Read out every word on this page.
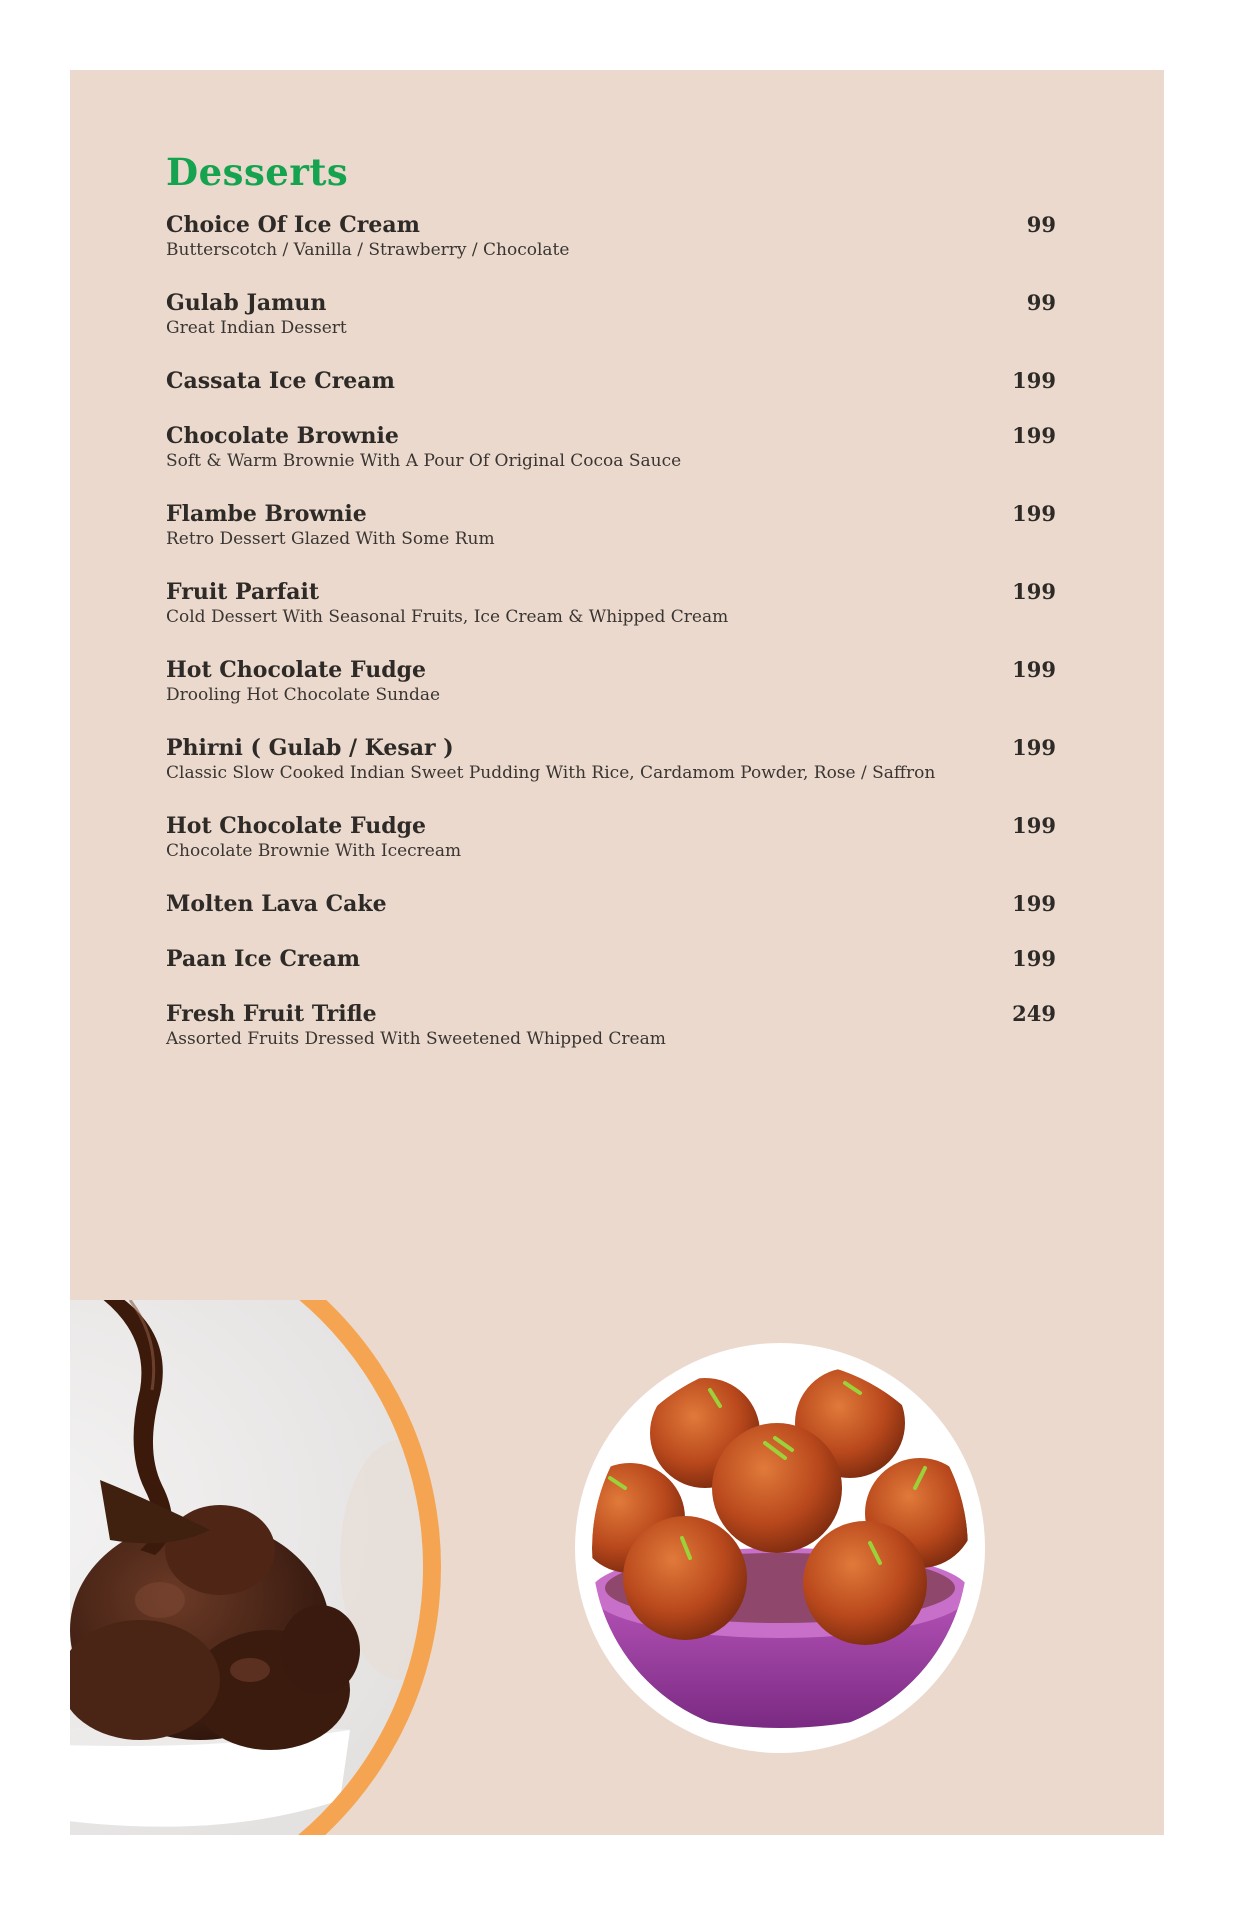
Desserts
Choice Of Ice Cream	99
Butterscotch / Vanilla / Strawberry / Chocolate
Gulab Jamun	99
Great Indian Dessert
Cassata Ice Cream	199
Chocolate Brownie	199
Soft & Warm Brownie With A Pour Of Original Cocoa Sauce
Flambe Brownie	199
Retro Dessert Glazed With Some Rum
Fruit Parfait	199
Cold Dessert With Seasonal Fruits, Ice Cream & Whipped Cream
Hot Chocolate Fudge	199
Drooling Hot Chocolate Sundae
Phirni ( Gulab / Kesar )	199
Classic Slow Cooked Indian Sweet Pudding With Rice, Cardamom Powder, Rose / Saffron
Hot Chocolate Fudge	199
Chocolate Brownie With Icecream
Molten Lava Cake	199
Paan Ice Cream	199
Fresh Fruit Trifle	249
Assorted Fruits Dressed With Sweetened Whipped Cream
